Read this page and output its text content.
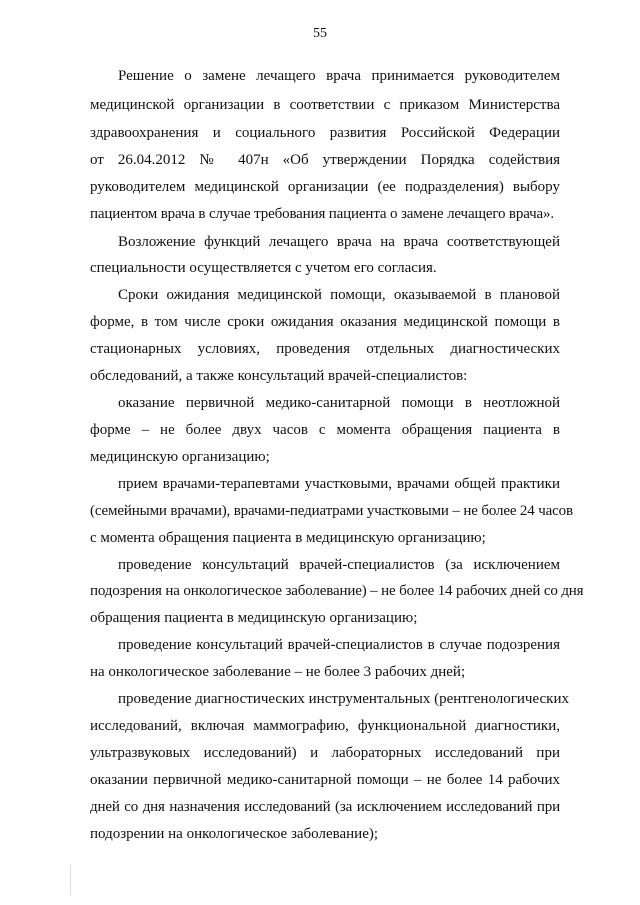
55
Решение о замене лечащего врача принимается руководителем
медицинской организации в соответствии с приказом Министерства
здравоохранения и социального развития Российской Федерации
от 26.04.2012 № 407н «Об утверждении Порядка содействия
руководителем медицинской организации (ее подразделения) выбору
пациентом врача в случае требования пациента о замене лечащего врача».
Возложение функций лечащего врача на врача соответствующей
специальности осуществляется с учетом его согласия.
Сроки ожидания медицинской помощи, оказываемой в плановой
форме, в том числе сроки ожидания оказания медицинской помощи в
стационарных условиях, проведения отдельных диагностических
обследований, а также консультаций врачей-специалистов:
оказание первичной медико-санитарной помощи в неотложной
форме – не более двух часов с момента обращения пациента в
медицинскую организацию;
прием врачами-терапевтами участковыми, врачами общей практики
(семейными врачами), врачами-педиатрами участковыми – не более 24 часов
с момента обращения пациента в медицинскую организацию;
проведение консультаций врачей-специалистов (за исключением
подозрения на онкологическое заболевание) – не более 14 рабочих дней со дня
обращения пациента в медицинскую организацию;
проведение консультаций врачей-специалистов в случае подозрения
на онкологическое заболевание – не более 3 рабочих дней;
проведение диагностических инструментальных (рентгенологических
исследований, включая маммографию, функциональной диагностики,
ультразвуковых исследований) и лабораторных исследований при
оказании первичной медико-санитарной помощи – не более 14 рабочих
дней со дня назначения исследований (за исключением исследований при
подозрении на онкологическое заболевание);
